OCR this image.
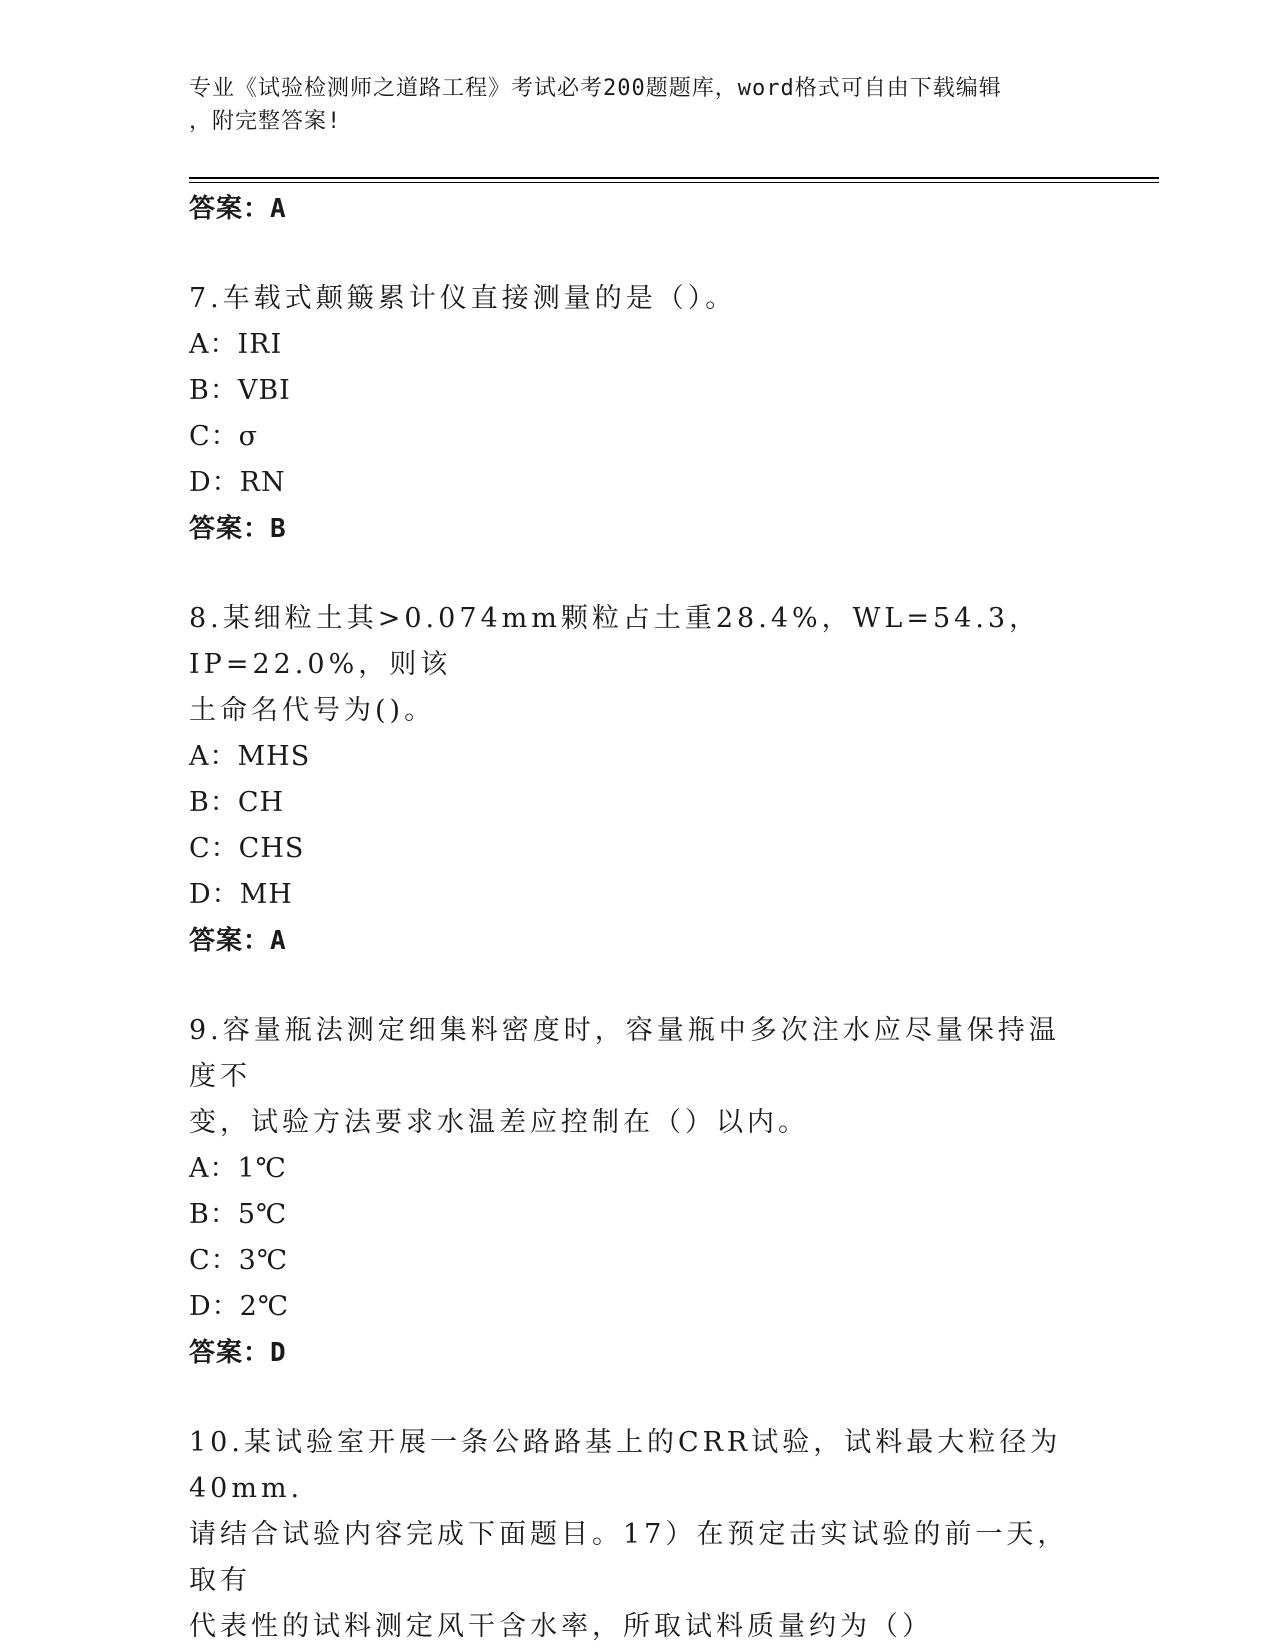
专业《试验检测师之道路工程》考试必考200题题库，word格式可自由下载编辑
，附完整答案!
答案：A
7.车载式颠簸累计仪直接测量的是（）。
A：IRI
B：VBI
C：σ
D：RN
答案：B
8.某细粒土其>0.074mm颗粒占土重28.4%，WL=54.3，IP=22.0%，则该
土命名代号为()。
A：MHS
B：CH
C：CHS
D：MH
答案：A
9.容量瓶法测定细集料密度时，容量瓶中多次注水应尽量保持温度不
变，试验方法要求水温差应控制在（）以内。
A：1℃
B：5℃
C：3℃
D：2℃
答案：D
10.某试验室开展一条公路路基上的CRR试验，试料最大粒径为40mm.
请结合试验内容完成下面题目。17）在预定击实试验的前一天，取有
代表性的试料测定风干含水率，所取试料质量约为（）
